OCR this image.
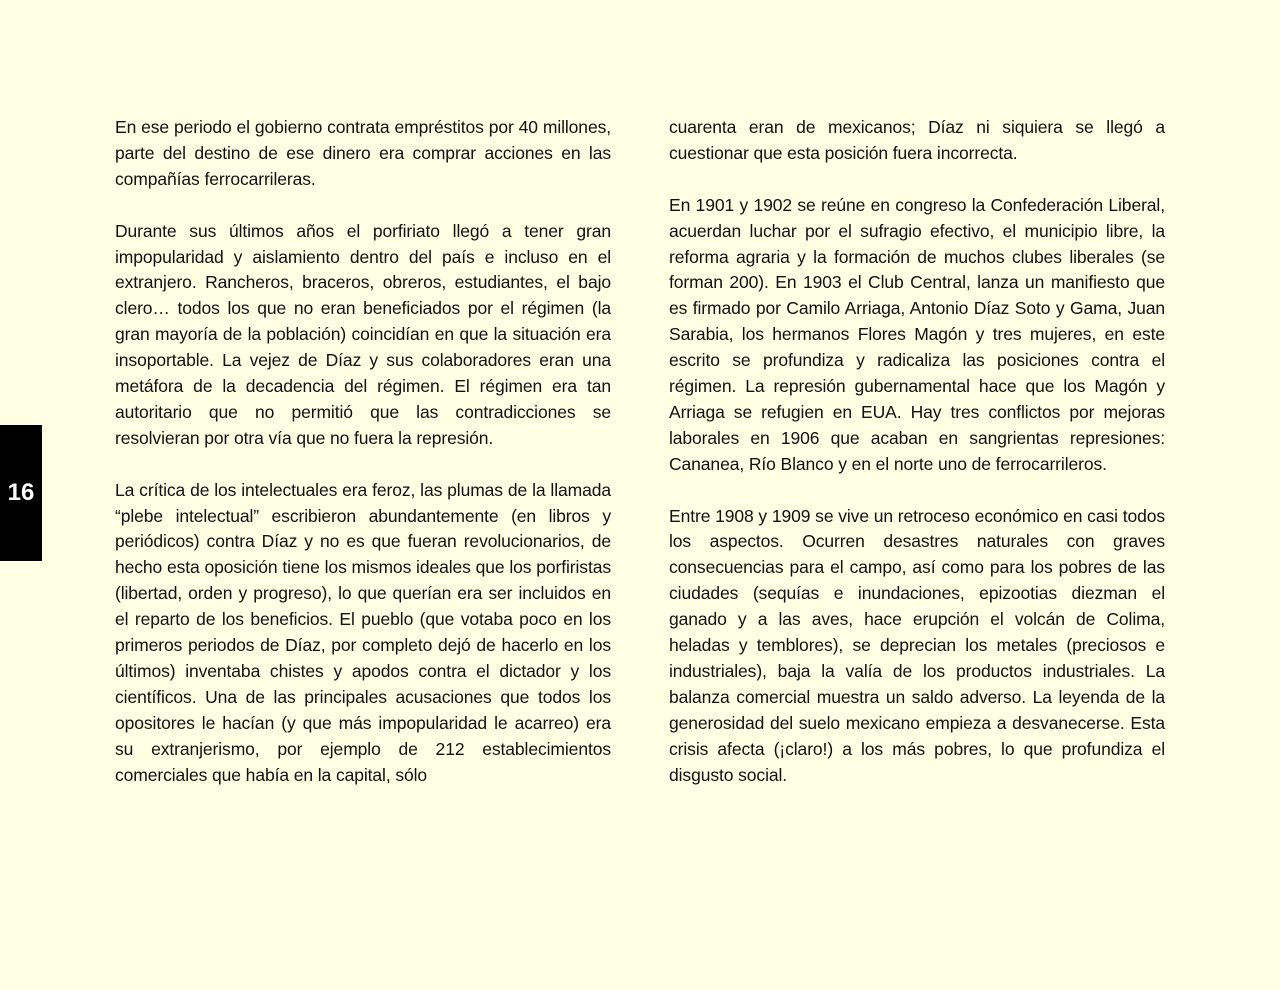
16

En ese periodo el gobierno contrata empréstitos por 40 millones, parte del destino de ese dinero era comprar acciones en las compañías ferrocarrileras.

Durante sus últimos años el porfiriato llegó a tener gran impopularidad y aislamiento dentro del país e incluso en el extranjero. Rancheros, braceros, obreros, estudiantes, el bajo clero… todos los que no eran beneficiados por el régimen (la gran mayoría de la población) coincidían en que la situación era insoportable. La vejez de Díaz y sus colaboradores eran una metáfora de la decadencia del régimen. El régimen era tan autoritario que no permitió que las contradicciones se resolvieran por otra vía que no fuera la represión.

La crítica de los intelectuales era feroz, las plumas de la llamada “plebe intelectual” escribieron abundantemente (en libros y periódicos) contra Díaz y no es que fueran revolucionarios, de hecho esta oposición tiene los mismos ideales que los porfiristas (libertad, orden y progreso), lo que querían era ser incluidos en el reparto de los beneficios. El pueblo (que votaba poco en los primeros periodos de Díaz, por completo dejó de hacerlo en los últimos) inventaba chistes y apodos contra el dictador y los científicos. Una de las principales acusaciones que todos los opositores le hacían (y que más impopularidad le acarreo) era su extranjerismo, por ejemplo de 212 establecimientos comerciales que había en la capital, sólo

cuarenta eran de mexicanos; Díaz ni siquiera se llegó a cuestionar que esta posición fuera incorrecta.

En 1901 y 1902 se reúne en congreso la Confederación Liberal, acuerdan luchar por el sufragio efectivo, el municipio libre, la reforma agraria y la formación de muchos clubes liberales (se forman 200). En 1903 el Club Central, lanza un manifiesto que es firmado por Camilo Arriaga, Antonio Díaz Soto y Gama, Juan Sarabia, los hermanos Flores Magón y tres mujeres, en este escrito se profundiza y radicaliza las posiciones contra el régimen. La represión gubernamental hace que los Magón y Arriaga se refugien en EUA. Hay tres conflictos por mejoras laborales en 1906 que acaban en sangrientas represiones: Cananea, Río Blanco y en el norte uno de ferrocarrileros.

Entre 1908 y 1909 se vive un retroceso económico en casi todos los aspectos. Ocurren desastres naturales con graves consecuencias para el campo, así como para los pobres de las ciudades (sequías e inundaciones, epizootias diezman el ganado y a las aves, hace erupción el volcán de Colima, heladas y temblores), se deprecian los metales (preciosos e industriales), baja la valía de los productos industriales. La balanza comercial muestra un saldo adverso. La leyenda de la generosidad del suelo mexicano empieza a desvanecerse. Esta crisis afecta (¡claro!) a los más pobres, lo que profundiza el disgusto social.
